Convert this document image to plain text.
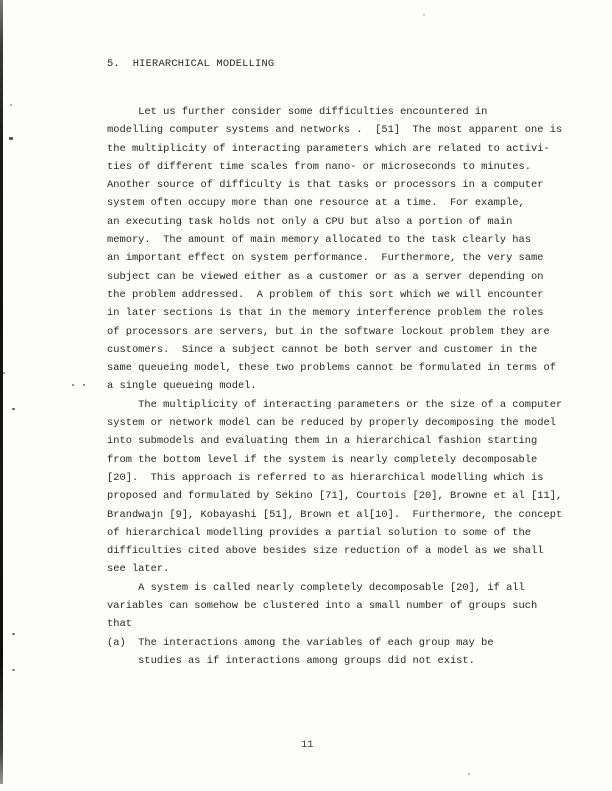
5.  HIERARCHICAL MODELLING
Let us further consider some difficulties encountered in
modelling computer systems and networks .  [51]  The most apparent one is
the multiplicity of interacting parameters which are related to activi-
ties of different time scales from nano- or microseconds to minutes.
Another source of difficulty is that tasks or processors in a computer
system often occupy more than one resource at a time.  For example,
an executing task holds not only a CPU but also a portion of main
memory.  The amount of main memory allocated to the task clearly has
an important effect on system performance.  Furthermore, the very same
subject can be viewed either as a customer or as a server depending on
the problem addressed.  A problem of this sort which we will encounter
in later sections is that in the memory interference problem the roles
of processors are servers, but in the software lockout problem they are
customers.  Since a subject cannot be both server and customer in the
same queueing model, these two problems cannot be formulated in terms of
a single queueing model.
The multiplicity of interacting parameters or the size of a computer
system or network model can be reduced by properly decomposing the model
into submodels and evaluating them in a hierarchical fashion starting
from the bottom level if the system is nearly completely decomposable
[20].  This approach is referred to as hierarchical modelling which is
proposed and formulated by Sekino [71], Courtois [20], Browne et al [11],
Brandwajn [9], Kobayashi [51], Brown et al[10].  Furthermore, the concept
of hierarchical modelling provides a partial solution to some of the
difficulties cited above besides size reduction of a model as we shall
see later.
A system is called nearly completely decomposable [20], if all
variables can somehow be clustered into a small number of groups such
that
(a)  The interactions among the variables of each group may be
studies as if interactions among groups did not exist.
11
